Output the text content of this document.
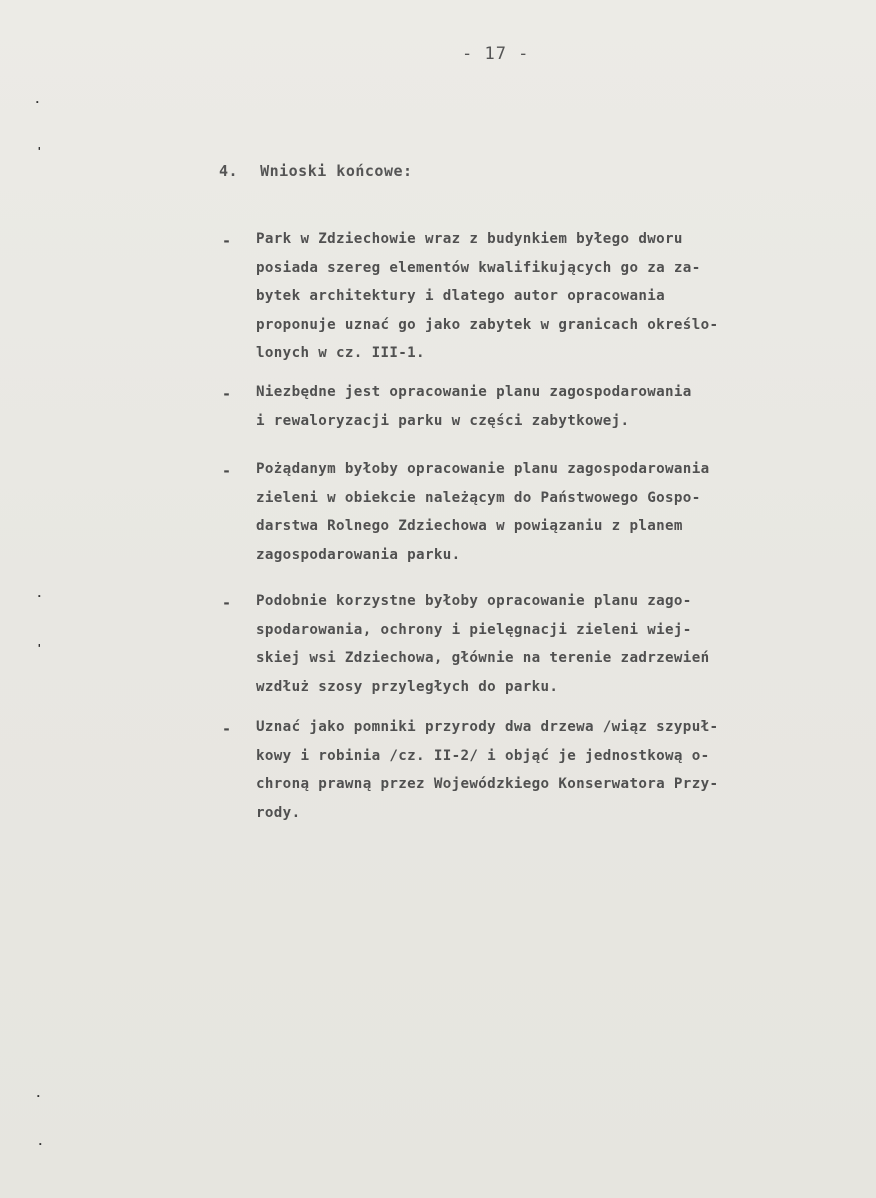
·
'
·
'
·
·
- 17 -
4. Wnioski końcowe:
- Park w Zdziechowie wraz z budynkiem byłego dworu
posiada szereg elementów kwalifikujących go za za-
bytek architektury i dlatego autor opracowania
proponuje uznać go jako zabytek w granicach określo-
lonych w cz. III-1.
- Niezbędne jest opracowanie planu zagospodarowania
i rewaloryzacji parku w części zabytkowej.
- Pożądanym byłoby opracowanie planu zagospodarowania
zieleni w obiekcie należącym do Państwowego Gospo-
darstwa Rolnego Zdziechowa w powiązaniu z planem
zagospodarowania parku.
- Podobnie korzystne byłoby opracowanie planu zago-
spodarowania, ochrony i pielęgnacji zieleni wiej-
skiej wsi Zdziechowa, głównie na terenie zadrzewień
wzdłuż szosy przyległych do parku.
- Uznać jako pomniki przyrody dwa drzewa /wiąz szypuł-
kowy i robinia /cz. II-2/ i objąć je jednostkową o-
chroną prawną przez Wojewódzkiego Konserwatora Przy-
rody.
